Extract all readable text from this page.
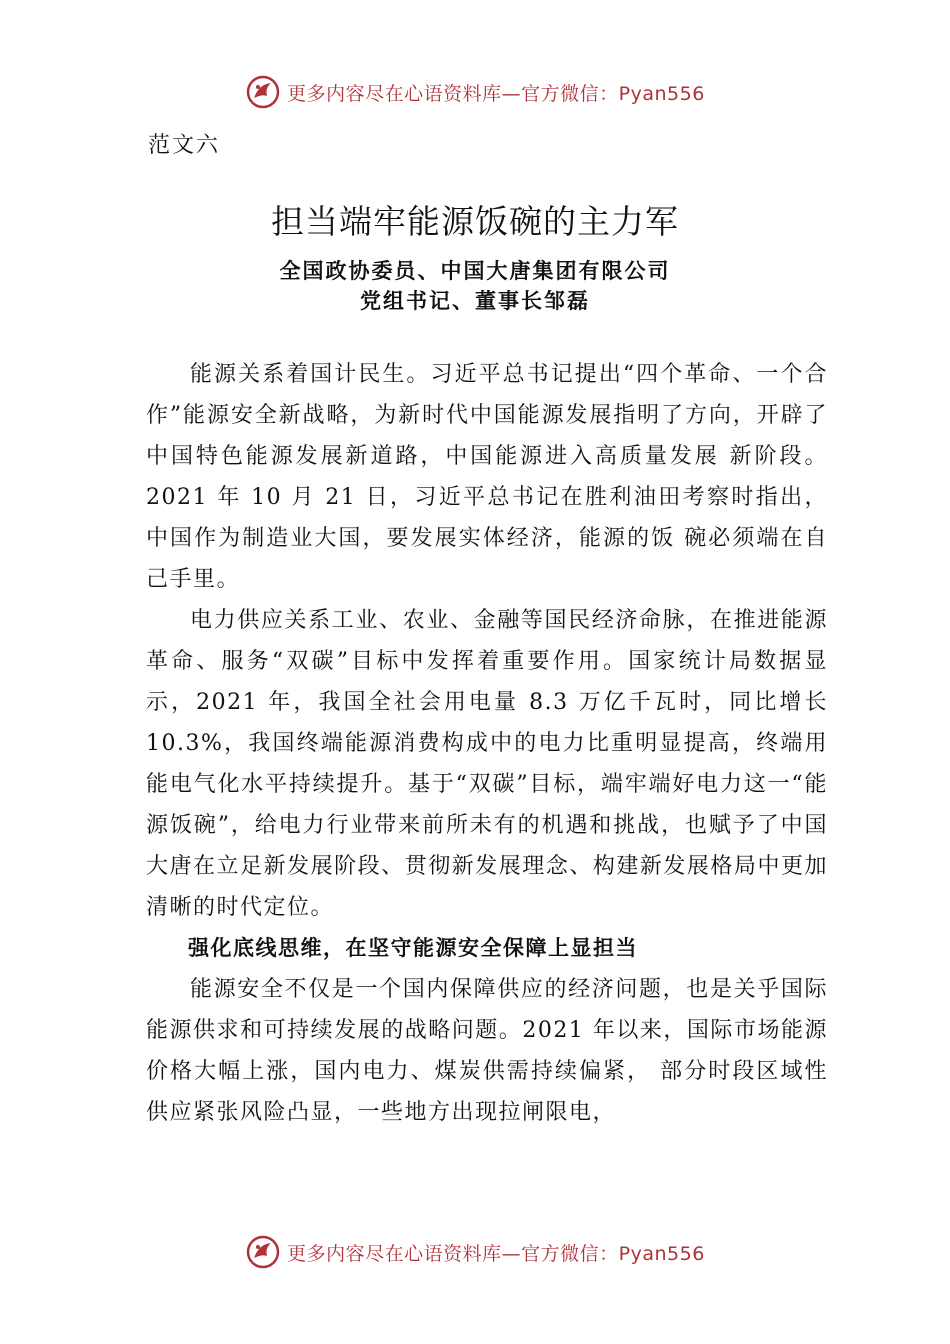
更多内容尽在心语资料库—官方微信：Pyan556
范文六
担当端牢能源饭碗的主力军
全国政协委员、中国大唐集团有限公司
党组书记、董事长邹磊

能源关系着国计民生。习近平总书记提出“四个革命、一个合作”能源安全新战略，为新时代中国能源发展指明了方向，开辟了中国特色能源发展新道路，中国能源进入高质量发展 新阶段。2021 年 10 月 21 日，习近平总书记在胜利油田考察时指出，中国作为制造业大国，要发展实体经济，能源的饭 碗必须端在自己手里。

电力供应关系工业、农业、金融等国民经济命脉，在推进能源革命、服务“双碳”目标中发挥着重要作用。国家统计局数据显示，2021 年，我国全社会用电量 8.3 万亿千瓦时，同比增长 10.3%，我国终端能源消费构成中的电力比重明显提高，终端用能电气化水平持续提升。基于“双碳”目标，端牢端好电力这一“能源饭碗”，给电力行业带来前所未有的机遇和挑战，也赋予了中国大唐在立足新发展阶段、贯彻新发展理念、构建新发展格局中更加清晰的时代定位。

强化底线思维，在坚守能源安全保障上显担当

能源安全不仅是一个国内保障供应的经济问题，也是关乎国际能源供求和可持续发展的战略问题。2021 年以来，国际市场能源价格大幅上涨，国内电力、煤炭供需持续偏紧， 部分时段区域性供应紧张风险凸显，一些地方出现拉闸限电，

更多内容尽在心语资料库—官方微信：Pyan556
